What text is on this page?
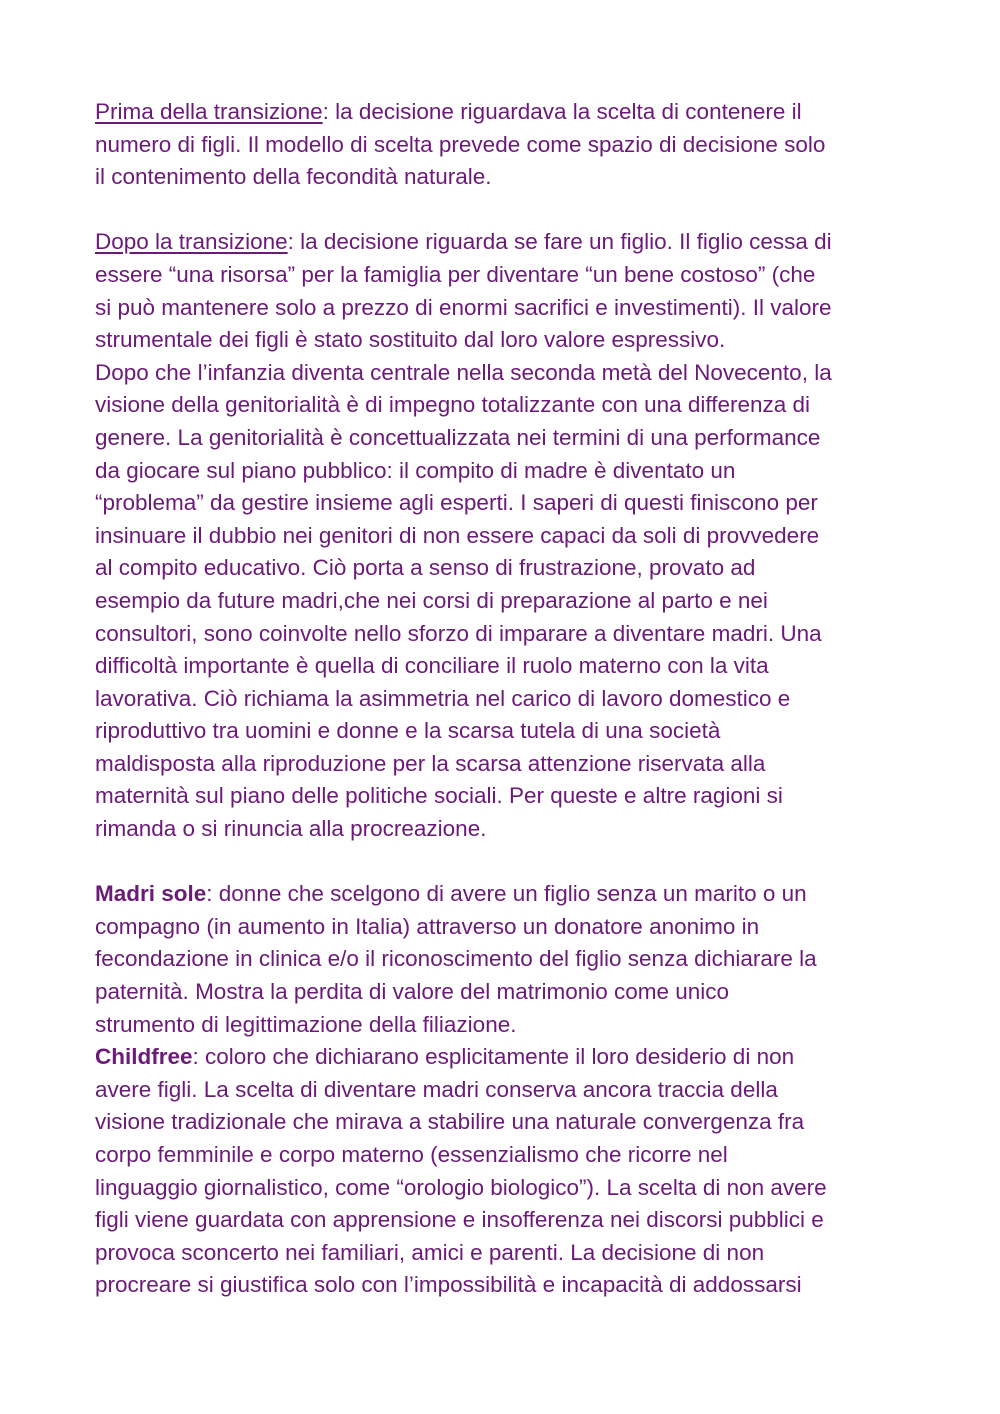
Prima della transizione: la decisione riguardava la scelta di contenere il
numero di figli. Il modello di scelta prevede come spazio di decisione solo
il contenimento della fecondità naturale.
Dopo la transizione: la decisione riguarda se fare un figlio. Il figlio cessa di
essere “una risorsa” per la famiglia per diventare “un bene costoso” (che
si può mantenere solo a prezzo di enormi sacrifici e investimenti). Il valore
strumentale dei figli è stato sostituito dal loro valore espressivo.
Dopo che l’infanzia diventa centrale nella seconda metà del Novecento, la
visione della genitorialità è di impegno totalizzante con una differenza di
genere. La genitorialità è concettualizzata nei termini di una performance
da giocare sul piano pubblico: il compito di madre è diventato un
“problema” da gestire insieme agli esperti. I saperi di questi finiscono per
insinuare il dubbio nei genitori di non essere capaci da soli di provvedere
al compito educativo. Ciò porta a senso di frustrazione, provato ad
esempio da future madri,che nei corsi di preparazione al parto e nei
consultori, sono coinvolte nello sforzo di imparare a diventare madri. Una
difficoltà importante è quella di conciliare il ruolo materno con la vita
lavorativa. Ciò richiama la asimmetria nel carico di lavoro domestico e
riproduttivo tra uomini e donne e la scarsa tutela di una società
maldisposta alla riproduzione per la scarsa attenzione riservata alla
maternità sul piano delle politiche sociali. Per queste e altre ragioni si
rimanda o si rinuncia alla procreazione.
Madri sole: donne che scelgono di avere un figlio senza un marito o un
compagno (in aumento in Italia) attraverso un donatore anonimo in
fecondazione in clinica e/o il riconoscimento del figlio senza dichiarare la
paternità. Mostra la perdita di valore del matrimonio come unico
strumento di legittimazione della filiazione.
Childfree: coloro che dichiarano esplicitamente il loro desiderio di non
avere figli. La scelta di diventare madri conserva ancora traccia della
visione tradizionale che mirava a stabilire una naturale convergenza fra
corpo femminile e corpo materno (essenzialismo che ricorre nel
linguaggio giornalistico, come “orologio biologico”). La scelta di non avere
figli viene guardata con apprensione e insofferenza nei discorsi pubblici e
provoca sconcerto nei familiari, amici e parenti. La decisione di non
procreare si giustifica solo con l’impossibilità e incapacità di addossarsi
